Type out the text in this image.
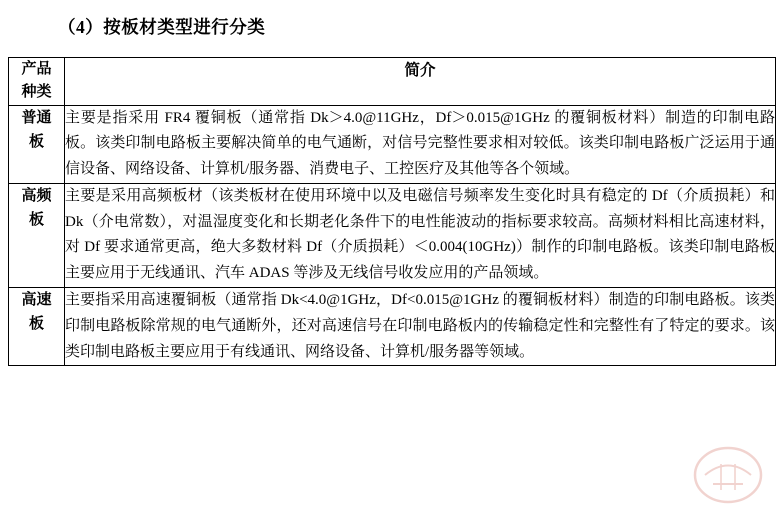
（4）按板材类型进行分类
产品
种类	简介

普通
板	主要是指采用 FR4 覆铜板（通常指 Dk＞4.0@11GHz，Df＞0.015@1GHz 的覆铜板材料）制造的印制电路板。该类印制电路板主要解决简单的电气通断，对信号完整性要求相对较低。该类印制电路板广泛运用于通信设备、网络设备、计算机/服务器、消费电子、工控医疗及其他等各个领域。

高频
板	主要是采用高频板材（该类板材在使用环境中以及电磁信号频率发生变化时具有稳定的 Df（介质损耗）和 Dk（介电常数），对温湿度变化和长期老化条件下的电性能波动的指标要求较高。高频材料相比高速材料，对 Df 要求通常更高，绝大多数材料 Df（介质损耗）＜0.004(10GHz)）制作的印制电路板。该类印制电路板主要应用于无线通讯、汽车 ADAS 等涉及无线信号收发应用的产品领域。

高速
板	主要指采用高速覆铜板（通常指 Dk<4.0@1GHz，Df<0.015@1GHz 的覆铜板材料）制造的印制电路板。该类印制电路板除常规的电气通断外，还对高速信号在印制电路板内的传输稳定性和完整性有了特定的要求。该类印制电路板主要应用于有线通讯、网络设备、计算机/服务器等领域。
